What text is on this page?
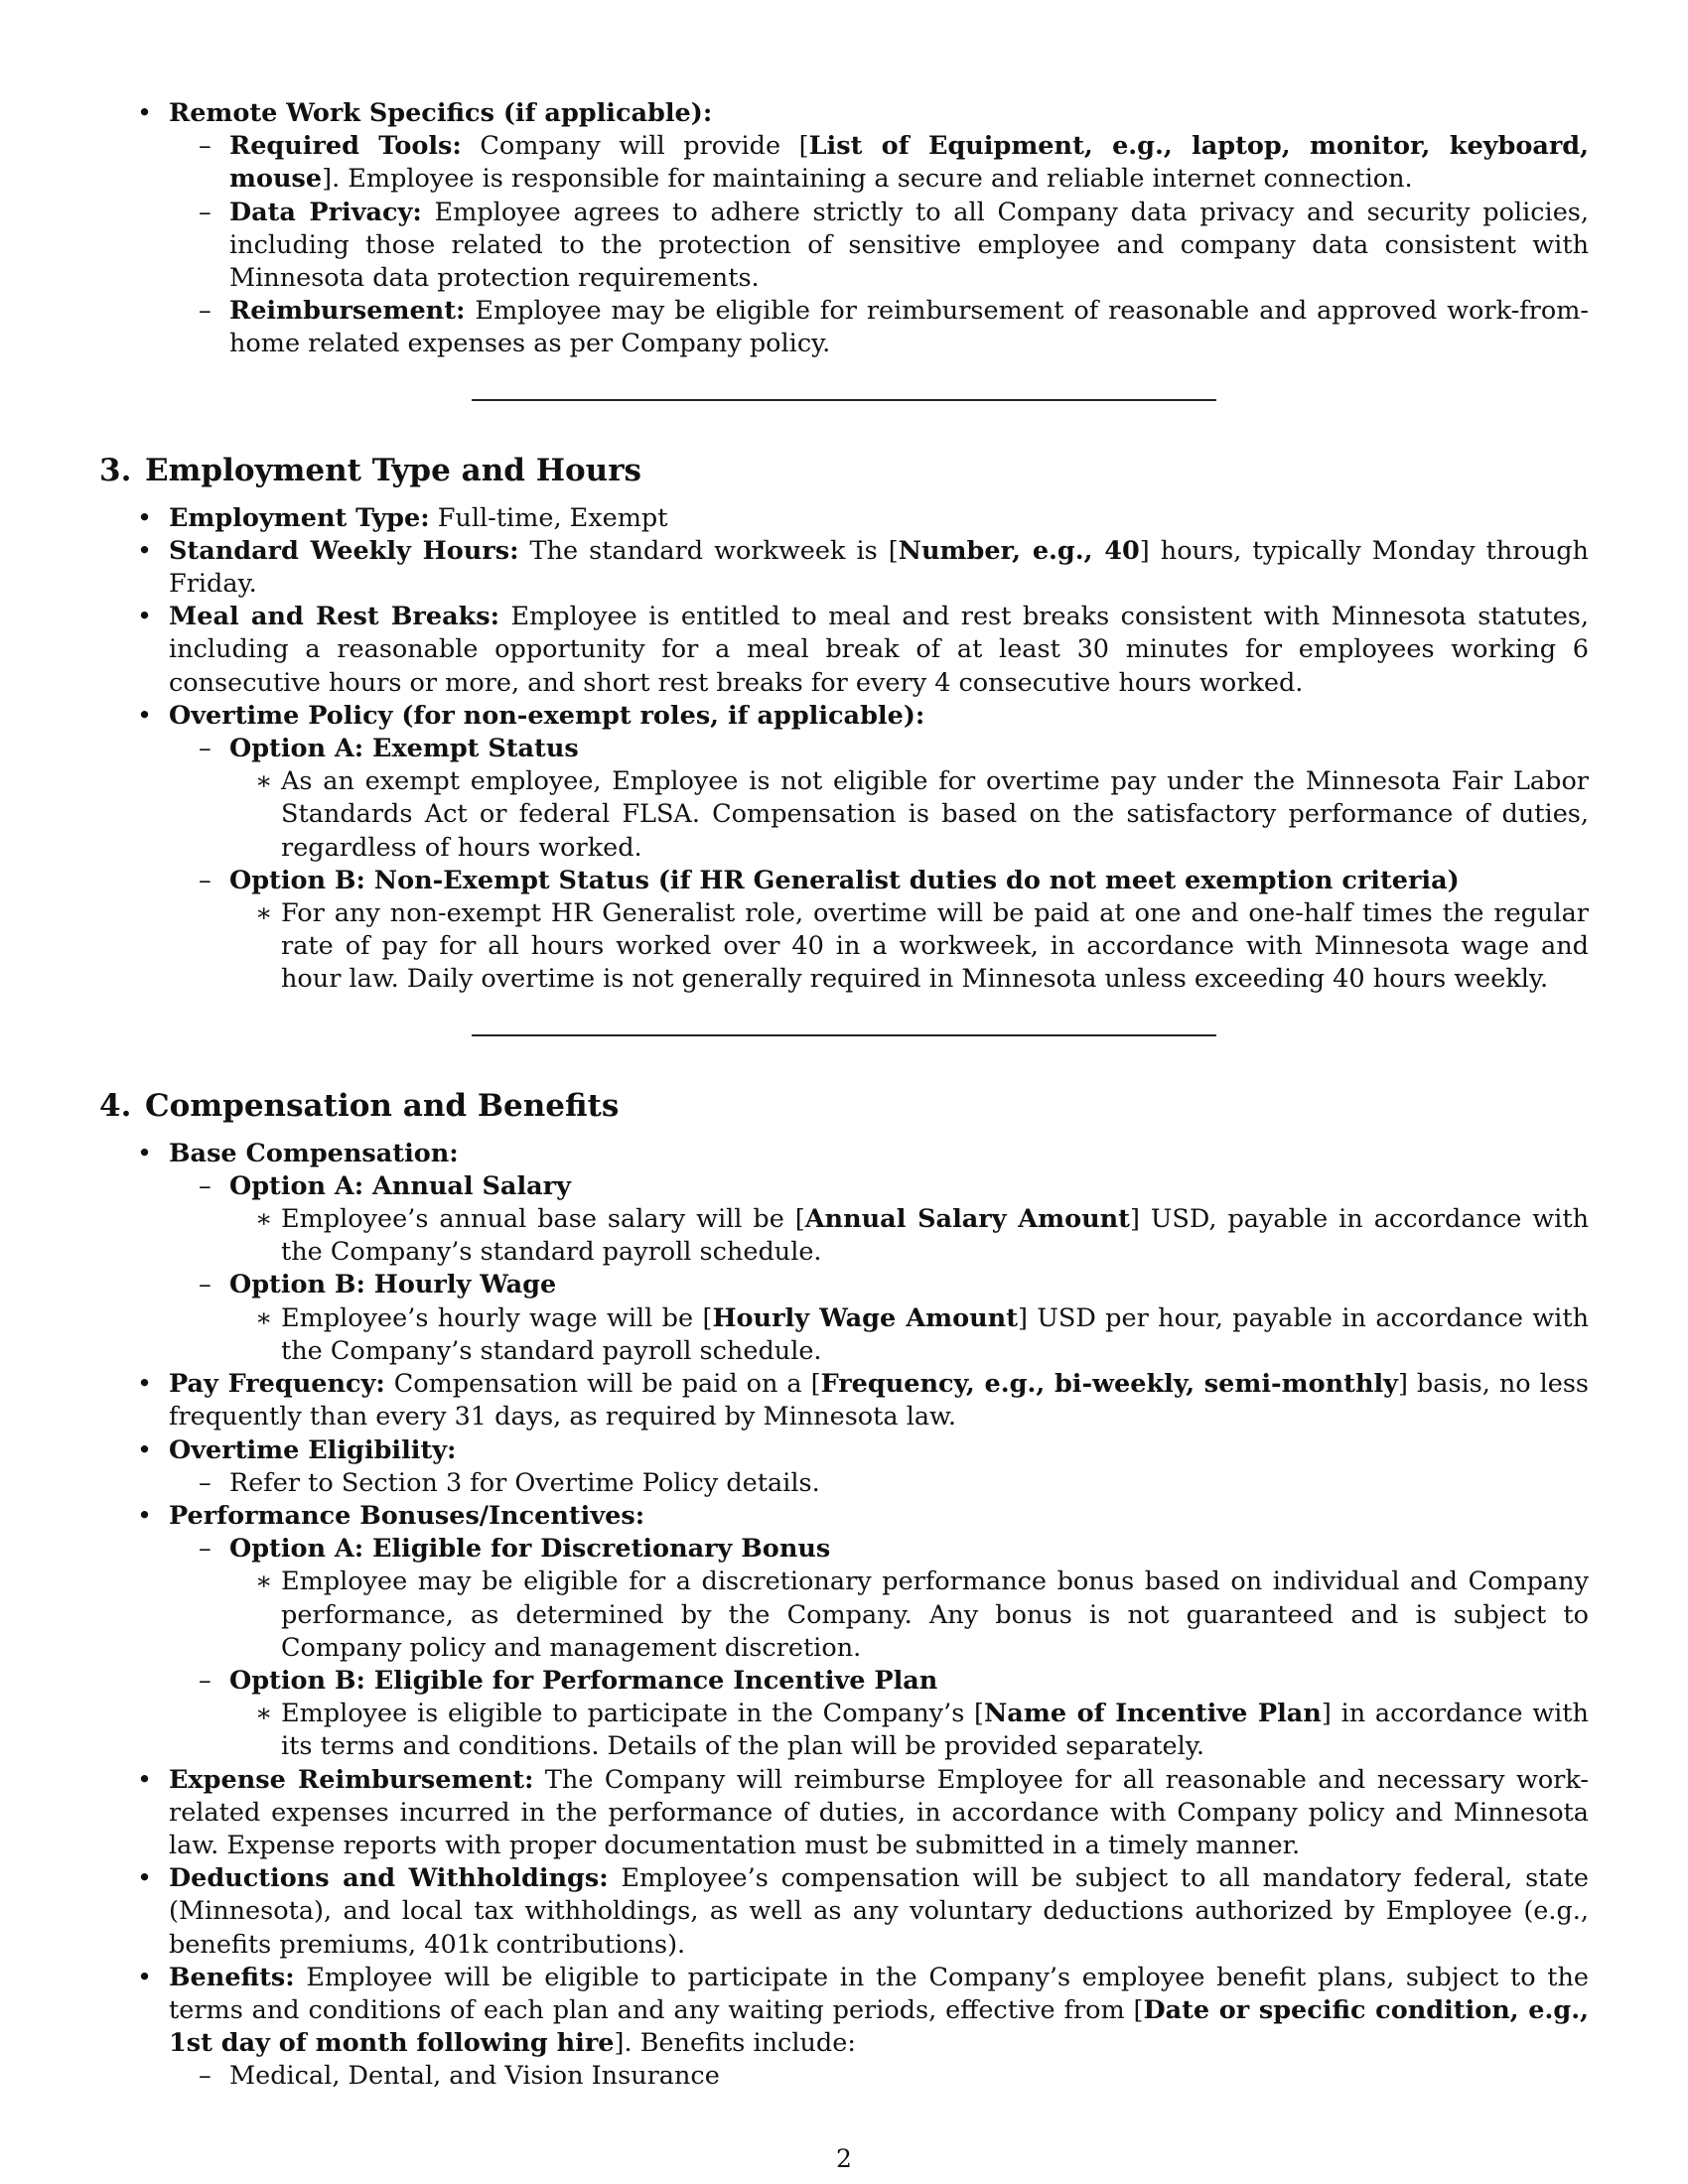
• Remote Work Specifics (if applicable):
– Required Tools: Company will provide [List of Equipment, e.g., laptop, monitor, keyboard, mouse]. Employee is responsible for maintaining a secure and reliable internet connection.
– Data Privacy: Employee agrees to adhere strictly to all Company data privacy and security policies, including those related to the protection of sensitive employee and company data consistent with Minnesota data protection requirements.
– Reimbursement: Employee may be eligible for reimbursement of reasonable and approved work-from-home related expenses as per Company policy.
3. Employment Type and Hours
• Employment Type: Full-time, Exempt
• Standard Weekly Hours: The standard workweek is [Number, e.g., 40] hours, typically Monday through Friday.
• Meal and Rest Breaks: Employee is entitled to meal and rest breaks consistent with Minnesota statutes, including a reasonable opportunity for a meal break of at least 30 minutes for employees working 6 consecutive hours or more, and short rest breaks for every 4 consecutive hours worked.
• Overtime Policy (for non-exempt roles, if applicable):
– Option A: Exempt Status
∗ As an exempt employee, Employee is not eligible for overtime pay under the Minnesota Fair Labor Standards Act or federal FLSA. Compensation is based on the satisfactory performance of duties, regardless of hours worked.
– Option B: Non-Exempt Status (if HR Generalist duties do not meet exemption criteria)
∗ For any non-exempt HR Generalist role, overtime will be paid at one and one-half times the regular rate of pay for all hours worked over 40 in a workweek, in accordance with Minnesota wage and hour law. Daily overtime is not generally required in Minnesota unless exceeding 40 hours weekly.
4. Compensation and Benefits
• Base Compensation:
– Option A: Annual Salary
∗ Employee’s annual base salary will be [Annual Salary Amount] USD, payable in accordance with the Company’s standard payroll schedule.
– Option B: Hourly Wage
∗ Employee’s hourly wage will be [Hourly Wage Amount] USD per hour, payable in accordance with the Company’s standard payroll schedule.
• Pay Frequency: Compensation will be paid on a [Frequency, e.g., bi-weekly, semi-monthly] basis, no less frequently than every 31 days, as required by Minnesota law.
• Overtime Eligibility:
– Refer to Section 3 for Overtime Policy details.
• Performance Bonuses/Incentives:
– Option A: Eligible for Discretionary Bonus
∗ Employee may be eligible for a discretionary performance bonus based on individual and Company performance, as determined by the Company. Any bonus is not guaranteed and is subject to Company policy and management discretion.
– Option B: Eligible for Performance Incentive Plan
∗ Employee is eligible to participate in the Company’s [Name of Incentive Plan] in accordance with its terms and conditions. Details of the plan will be provided separately.
• Expense Reimbursement: The Company will reimburse Employee for all reasonable and necessary work-related expenses incurred in the performance of duties, in accordance with Company policy and Minnesota law. Expense reports with proper documentation must be submitted in a timely manner.
• Deductions and Withholdings: Employee’s compensation will be subject to all mandatory federal, state (Minnesota), and local tax withholdings, as well as any voluntary deductions authorized by Employee (e.g., benefits premiums, 401k contributions).
• Benefits: Employee will be eligible to participate in the Company’s employee benefit plans, subject to the terms and conditions of each plan and any waiting periods, effective from [Date or specific condition, e.g., 1st day of month following hire]. Benefits include:
– Medical, Dental, and Vision Insurance
2
